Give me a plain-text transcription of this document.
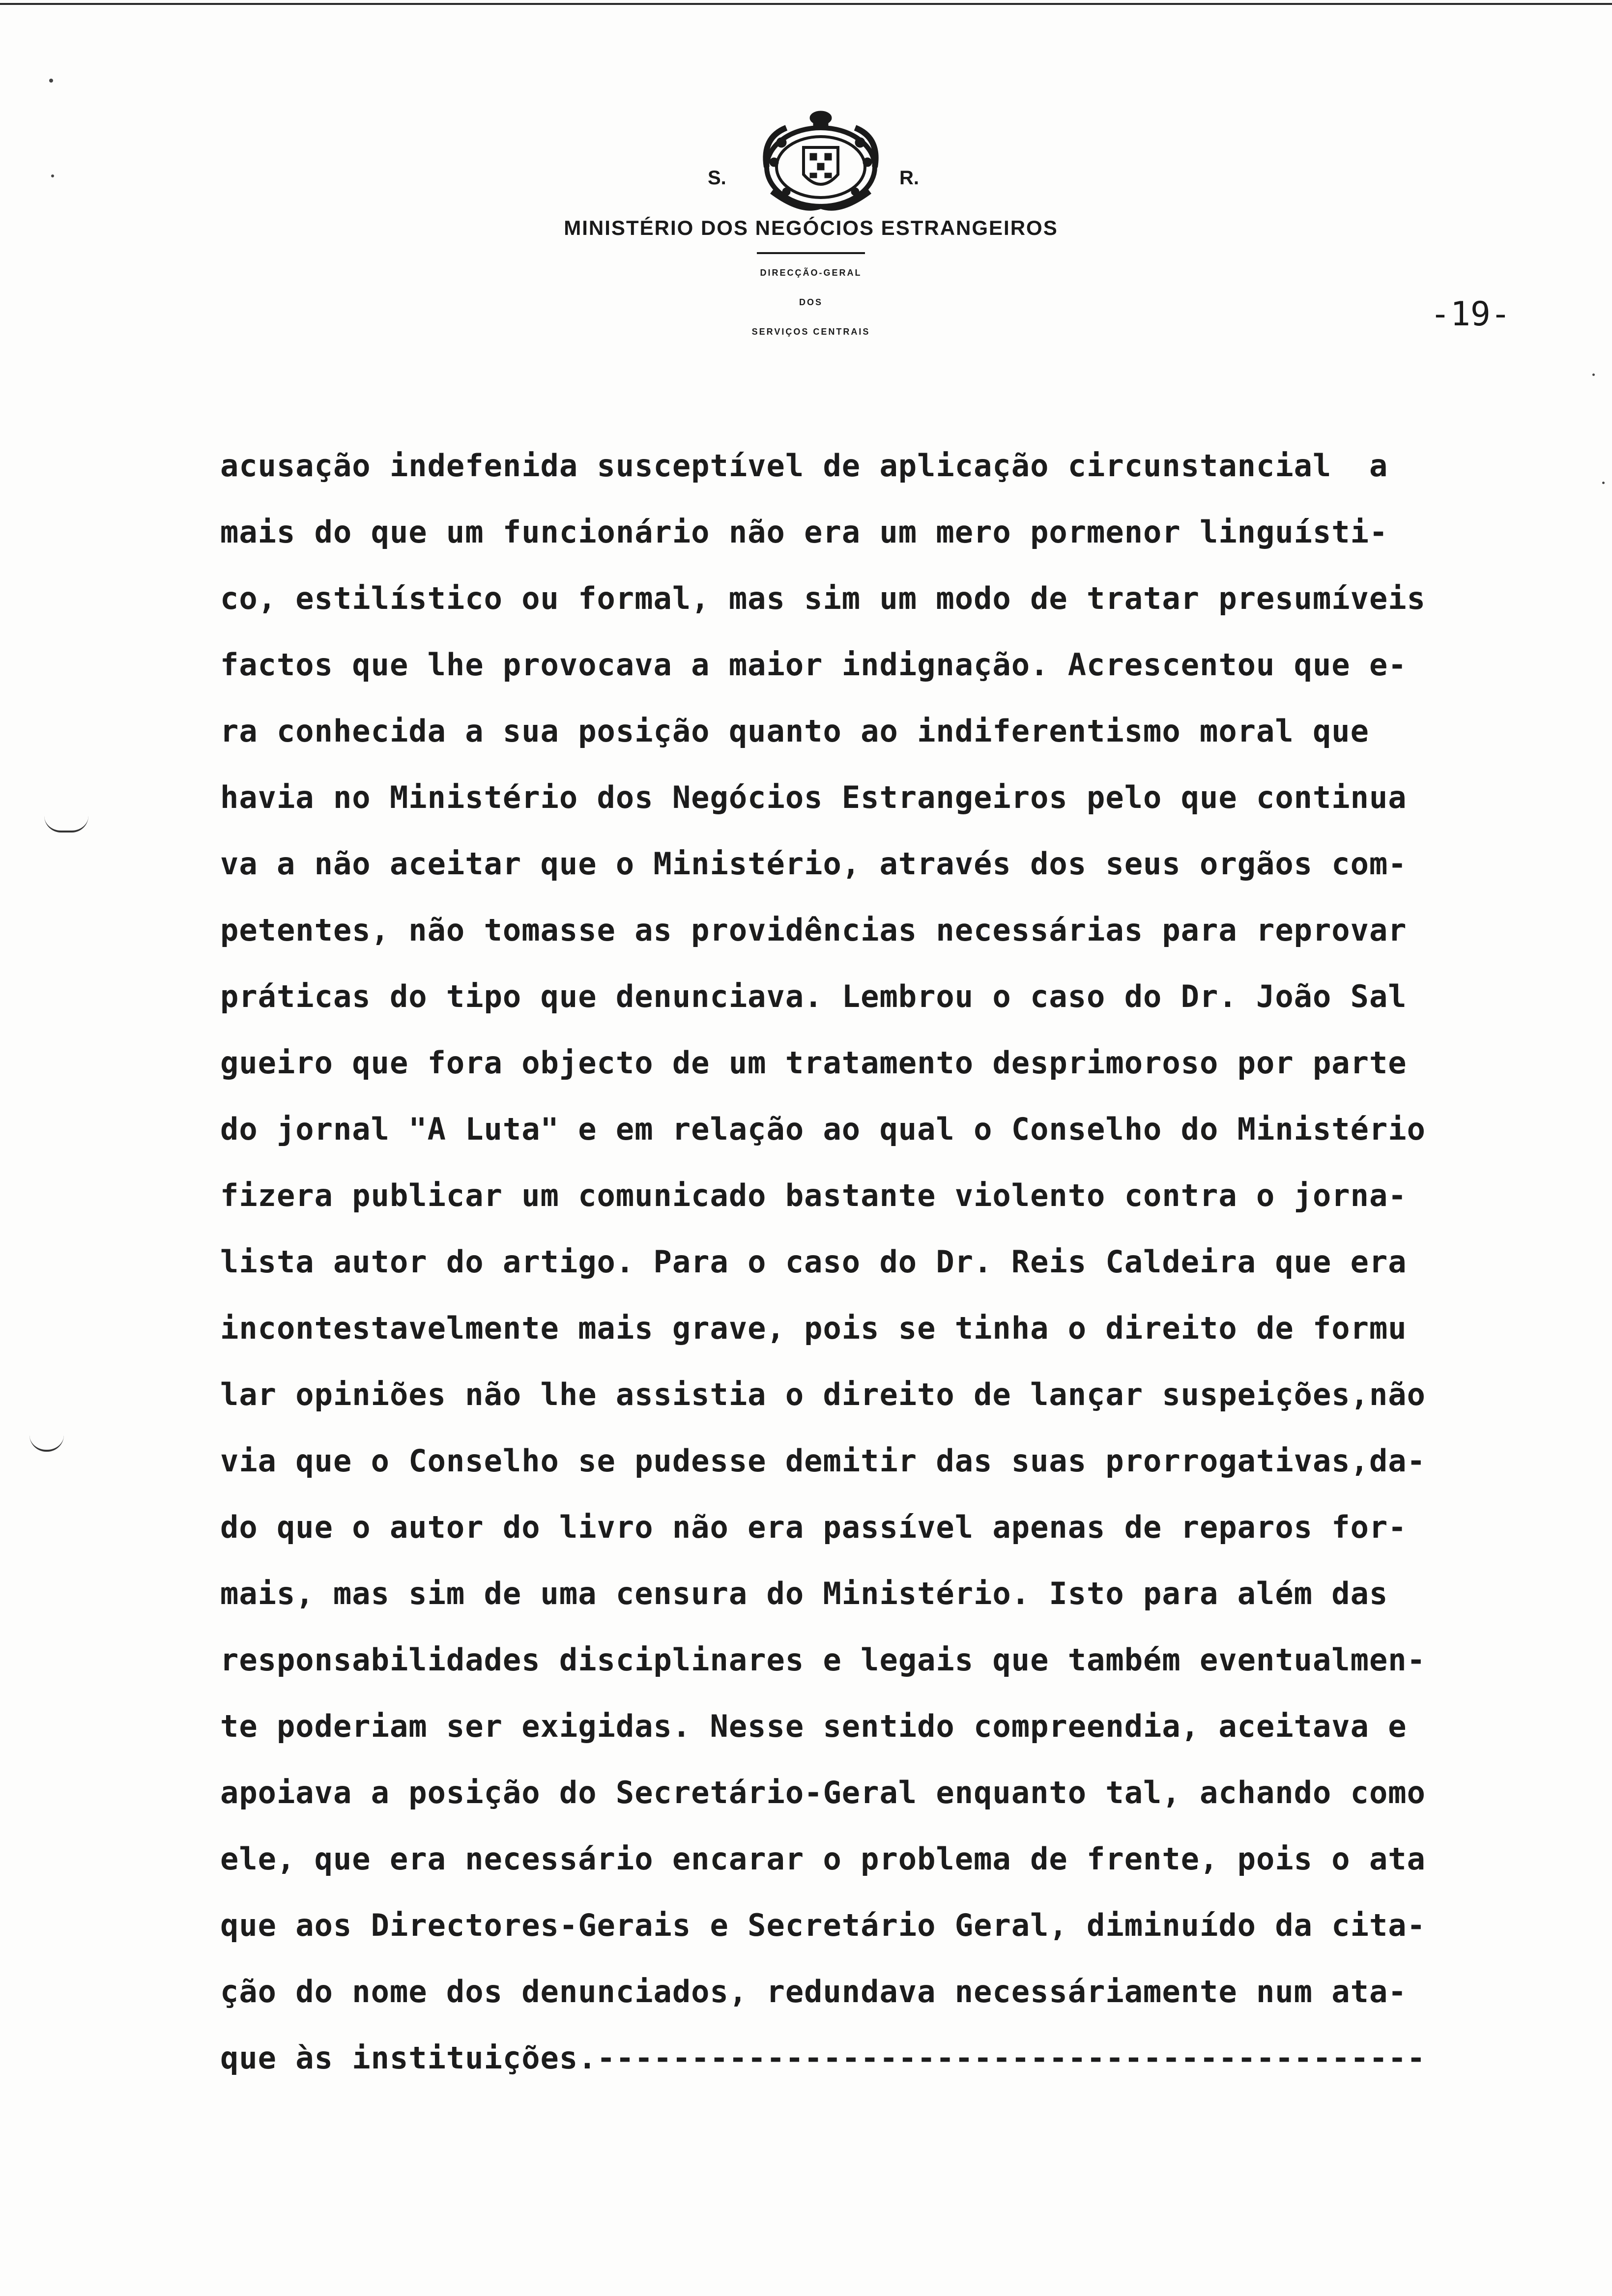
S.	R.
MINISTÉRIO DOS NEGÓCIOS ESTRANGEIROS
DIRECÇÃO-GERAL
DOS
SERVIÇOS CENTRAIS	-19-
acusação indefenida susceptível de aplicação circunstancial  a
mais do que um funcionário não era um mero pormenor linguísti-
co, estilístico ou formal, mas sim um modo de tratar presumíveis
factos que lhe provocava a maior indignação. Acrescentou que e-
ra conhecida a sua posição quanto ao indiferentismo moral que
havia no Ministério dos Negócios Estrangeiros pelo que continua
va a não aceitar que o Ministério, através dos seus orgãos com-
petentes, não tomasse as providências necessárias para reprovar
práticas do tipo que denunciava. Lembrou o caso do Dr. João Sal
gueiro que fora objecto de um tratamento desprimoroso por parte
do jornal "A Luta" e em relação ao qual o Conselho do Ministério
fizera publicar um comunicado bastante violento contra o jorna-
lista autor do artigo. Para o caso do Dr. Reis Caldeira que era
incontestavelmente mais grave, pois se tinha o direito de formu
lar opiniões não lhe assistia o direito de lançar suspeições,não
via que o Conselho se pudesse demitir das suas prorrogativas,da-
do que o autor do livro não era passível apenas de reparos for-
mais, mas sim de uma censura do Ministério. Isto para além das
responsabilidades disciplinares e legais que também eventualmen-
te poderiam ser exigidas. Nesse sentido compreendia, aceitava e
apoiava a posição do Secretário-Geral enquanto tal, achando como
ele, que era necessário encarar o problema de frente, pois o ata
que aos Directores-Gerais e Secretário Geral, diminuído da cita-
ção do nome dos denunciados, redundava necessáriamente num ata-
que às instituições.--------------------------------------------
